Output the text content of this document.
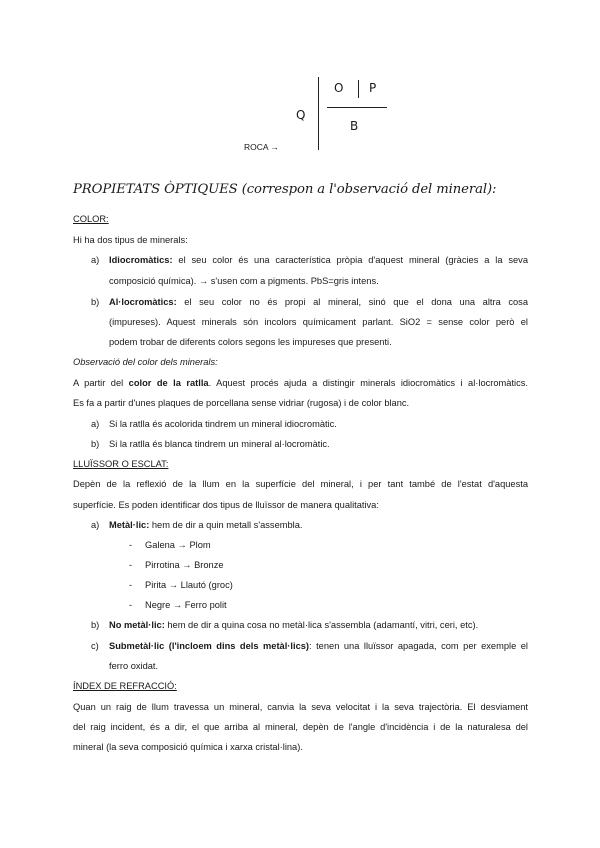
O P
Q
B
ROCA →
PROPIETATS ÒPTIQUES (correspon a l'observació del mineral):
COLOR:
Hi ha dos tipus de minerals:
a) Idiocromàtics: el seu color és una característica pròpia d'aquest mineral (gràcies a la seva
composició química). → s'usen com a pigments. PbS=gris intens.
b) Al·locromàtics: el seu color no és propi al mineral, sinó que el dona una altra cosa
(impureses). Aquest minerals són incolors químicament parlant. SiO2 = sense color però el
podem trobar de diferents colors segons les impureses que presenti.
Observació del color dels minerals:
A partir del color de la ratlla. Aquest procés ajuda a distingir minerals idiocromàtics i al·locromàtics.
Es fa a partir d'unes plaques de porcellana sense vidriar (rugosa) i de color blanc.
a) Si la ratlla és acolorida tindrem un mineral idiocromàtic.
b) Si la ratlla és blanca tindrem un mineral al·locromàtic.
LLUÏSSOR O ESCLAT:
Depèn de la reflexió de la llum en la superfície del mineral, i per tant també de l'estat d'aquesta
superfície. Es poden identificar dos tipus de lluïssor de manera qualitativa:
a) Metàl·lic: hem de dir a quin metall s'assembla.
- Galena → Plom
- Pirrotina → Bronze
- Pirita → Llautó (groc)
- Negre → Ferro polit
b) No metàl·lic: hem de dir a quina cosa no metàl·lica s'assembla (adamantí, vitri, ceri, etc).
c) Submetàl·lic (l'incloem dins dels metàl·lics): tenen una lluïssor apagada, com per exemple el
ferro oxidat.
ÍNDEX DE REFRACCIÓ:
Quan un raig de llum travessa un mineral, canvia la seva velocitat i la seva trajectòria. El desviament
del raig incident, és a dir, el que arriba al mineral, depèn de l'angle d'incidència i de la naturalesa del
mineral (la seva composició química i xarxa cristal·lina).
